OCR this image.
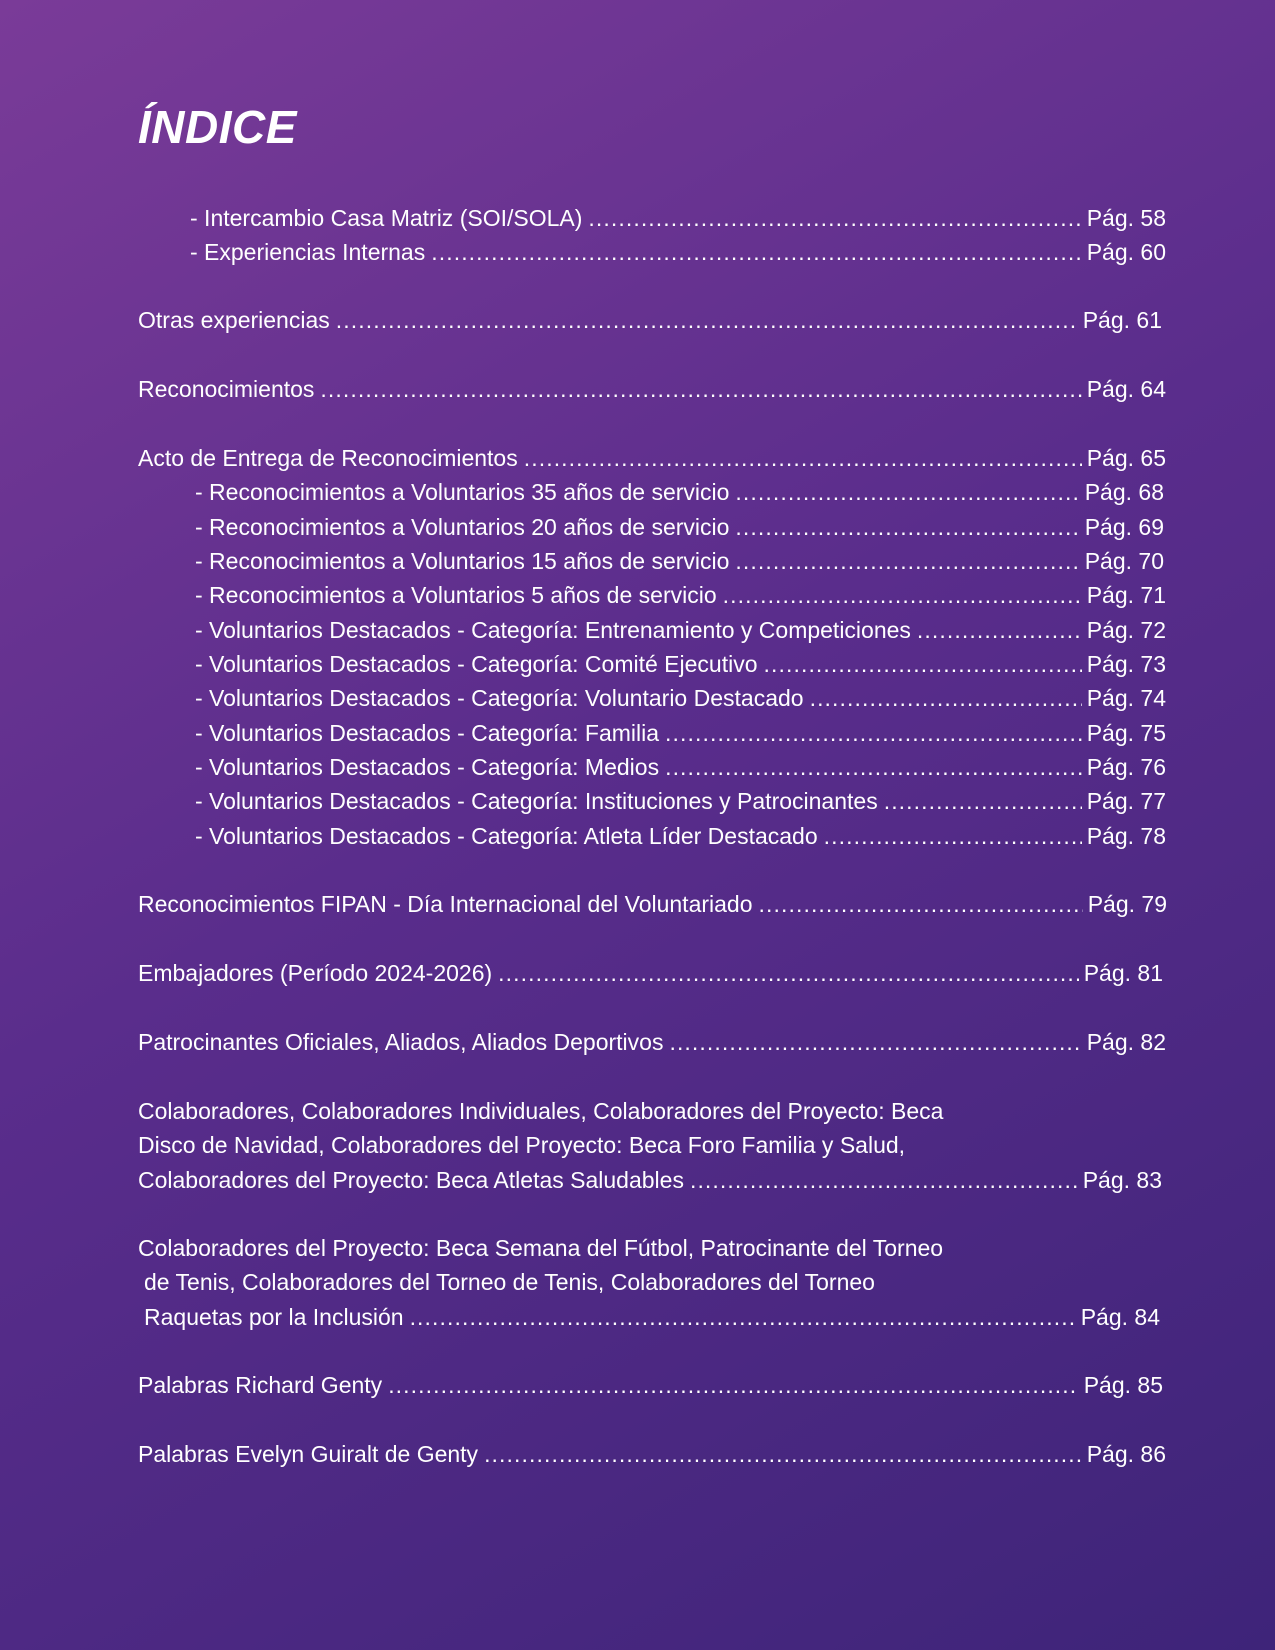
ÍNDICE
- Intercambio Casa Matriz (SOI/SOLA) .....	Pág. 58
- Experiencias Internas .....	Pág. 60
Otras experiencias .....	Pág. 61
Reconocimientos .....	Pág. 64
Acto de Entrega de Reconocimientos .....	Pág. 65
- Reconocimientos a Voluntarios 35 años de servicio .....	Pág. 68
- Reconocimientos a Voluntarios 20 años de servicio .....	Pág. 69
- Reconocimientos a Voluntarios 15 años de servicio .....	Pág. 70
- Reconocimientos a Voluntarios 5 años de servicio .....	Pág. 71
- Voluntarios Destacados - Categoría: Entrenamiento y Competiciones .....	Pág. 72
- Voluntarios Destacados - Categoría: Comité Ejecutivo .....	Pág. 73
- Voluntarios Destacados - Categoría: Voluntario Destacado .....	Pág. 74
- Voluntarios Destacados - Categoría: Familia .....	Pág. 75
- Voluntarios Destacados - Categoría: Medios .....	Pág. 76
- Voluntarios Destacados - Categoría: Instituciones y Patrocinantes .....	Pág. 77
- Voluntarios Destacados - Categoría: Atleta Líder Destacado .....	Pág. 78
Reconocimientos FIPAN - Día Internacional del Voluntariado .....	Pág. 79
Embajadores (Período 2024-2026) .....	Pág. 81
Patrocinantes Oficiales, Aliados, Aliados Deportivos .....	Pág. 82
Colaboradores, Colaboradores Individuales, Colaboradores del Proyecto: Beca
Disco de Navidad, Colaboradores del Proyecto: Beca Foro Familia y Salud,
Colaboradores del Proyecto: Beca Atletas Saludables .....	Pág. 83
Colaboradores del Proyecto: Beca Semana del Fútbol, Patrocinante del Torneo
de Tenis, Colaboradores del Torneo de Tenis, Colaboradores del Torneo
Raquetas por la Inclusión .....	Pág. 84
Palabras Richard Genty .....	Pág. 85
Palabras Evelyn Guiralt de Genty .....	Pág. 86
